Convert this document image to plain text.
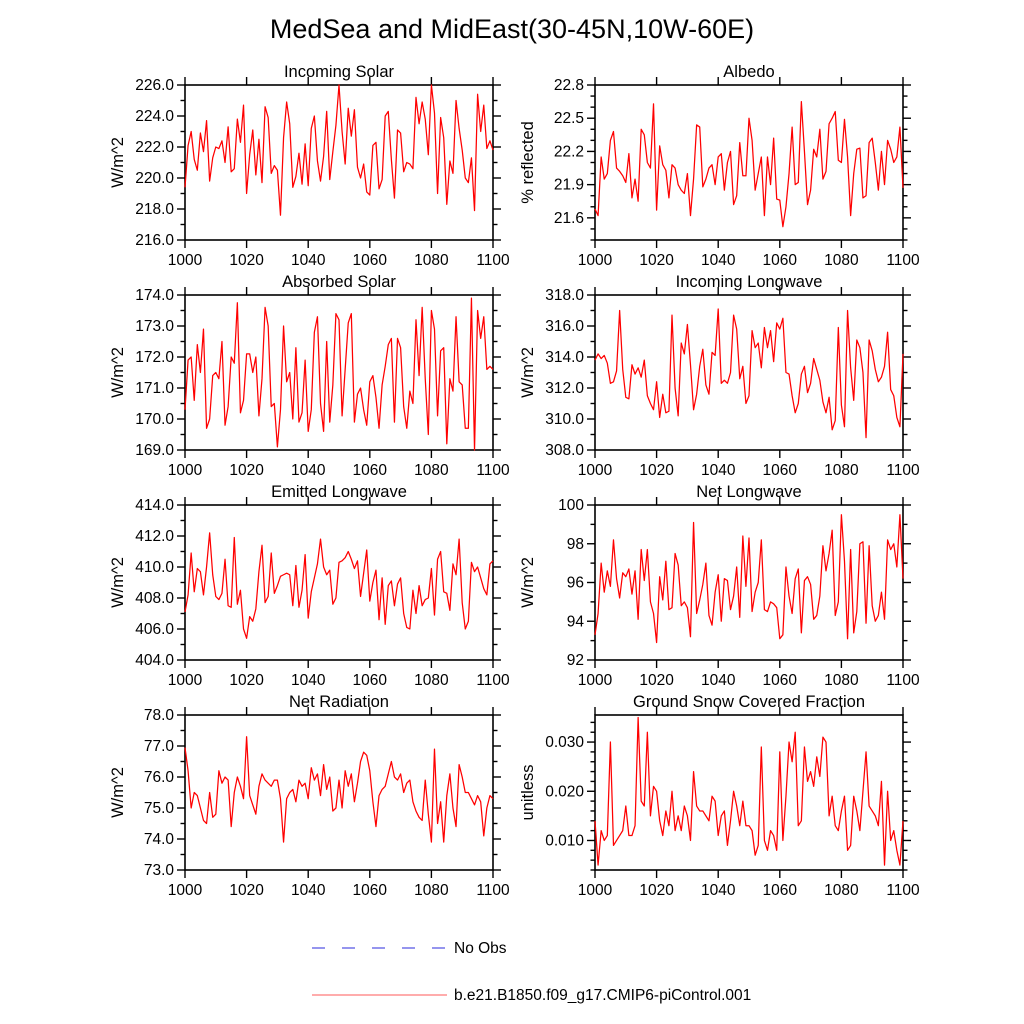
MedSea and MidEast(30-45N,10W-60E)
1000 1020 1040 1060 1080 1100
216.0
218.0
220.0
222.0
224.0
226.0
Incoming Solar
W/m^2
1000 1020 1040 1060 1080 1100
21.6
21.9
22.2
22.5
22.8
Albedo
% reflected
1000 1020 1040 1060 1080 1100
169.0
170.0
171.0
172.0
173.0
174.0
Absorbed Solar
W/m^2
1000 1020 1040 1060 1080 1100
308.0
310.0
312.0
314.0
316.0
318.0
Incoming Longwave
W/m^2
1000 1020 1040 1060 1080 1100
404.0
406.0
408.0
410.0
412.0
414.0
Emitted Longwave
W/m^2
1000 1020 1040 1060 1080 1100
92
94
96
98
100
Net Longwave
W/m^2
1000 1020 1040 1060 1080 1100
73.0
74.0
75.0
76.0
77.0
78.0
Net Radiation
W/m^2
1000 1020 1040 1060 1080 1100
0.010
0.020
0.030
Ground Snow Covered Fraction
unitless
No Obs
b.e21.B1850.f09_g17.CMIP6-piControl.001
